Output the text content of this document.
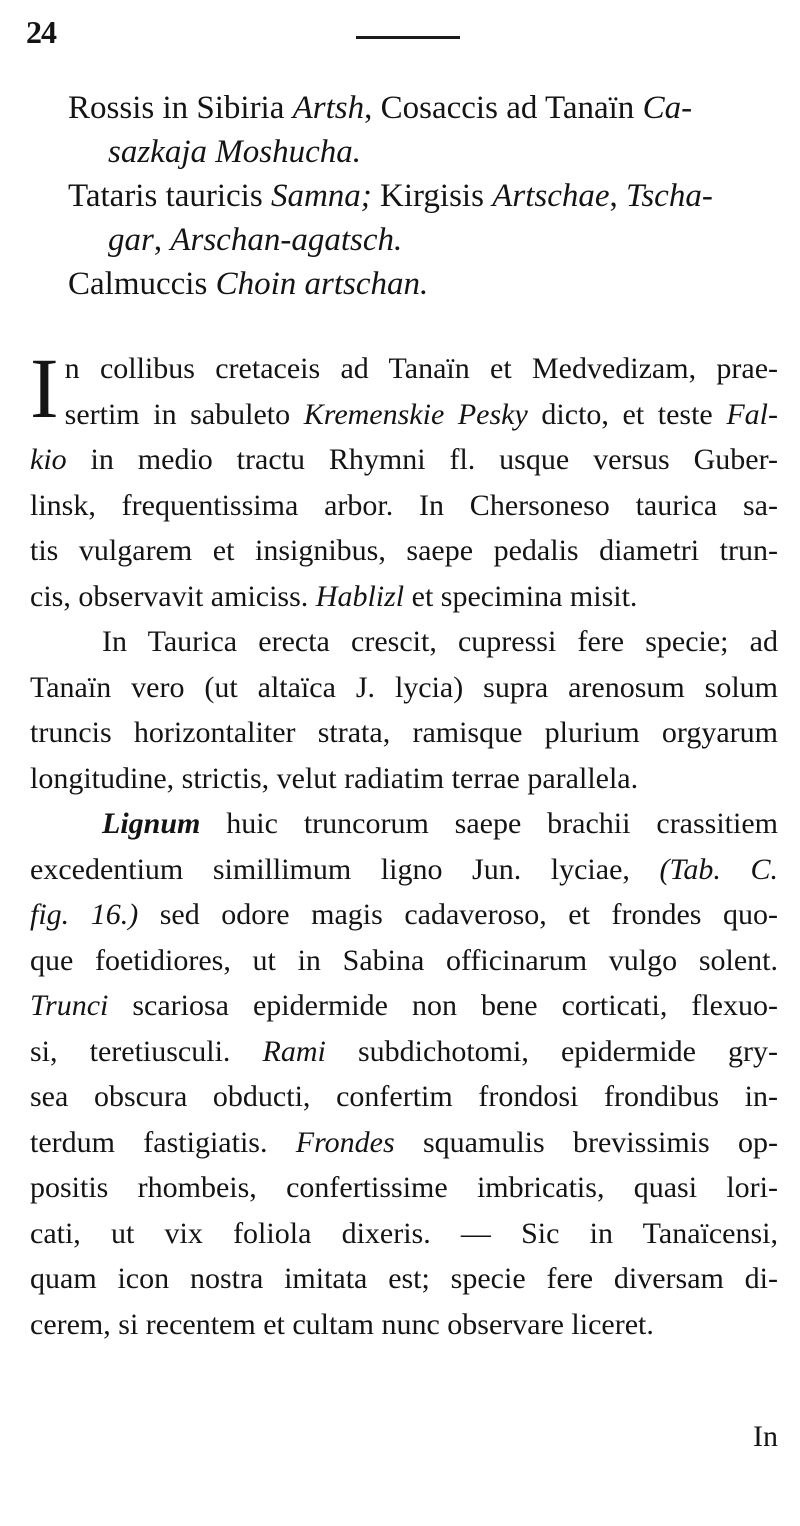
24

Rossis in Sibiria Artsh, Cosaccis ad Tanaïn Ca-
sazkaja Moshucha.

Tataris tauricis Samna; Kirgisis Artschae, Tscha-
gar, Arschan-agatsch.

Calmuccis Choin artschan.

I n collibus cretaceis ad Tanaïn et Medvedizam, prae-
sertim in sabuleto Kremenskie Pesky dicto, et teste Fal-
kio in medio tractu Rhymni fl. usque versus Guber-
linsk, frequentissima arbor. In Chersoneso taurica sa-
tis vulgarem et insignibus, saepe pedalis diametri trun-
cis, observavit amiciss. Hablizl et specimina misit.

In Taurica erecta crescit, cupressi fere specie; ad
Tanaïn vero (ut altaïca J. lycia) supra arenosum solum
truncis horizontaliter strata, ramisque plurium orgyarum
longitudine, strictis, velut radiatim terrae parallela.

Lignum huic truncorum saepe brachii crassitiem
excedentium simillimum ligno Jun. lyciae, (Tab. C.
fig. 16.) sed odore magis cadaveroso, et frondes quo-
que foetidiores, ut in Sabina officinarum vulgo solent.
Trunci scariosa epidermide non bene corticati, flexuo-
si, teretiusculi. Rami subdichotomi, epidermide gry-
sea obscura obducti, confertim frondosi frondibus in-
terdum fastigiatis. Frondes squamulis brevissimis op-
positis rhombeis, confertissime imbricatis, quasi lori-
cati, ut vix foliola dixeris. — Sic in Tanaïcensi,
quam icon nostra imitata est; specie fere diversam di-
cerem, si recentem et cultam nunc observare liceret.

In
